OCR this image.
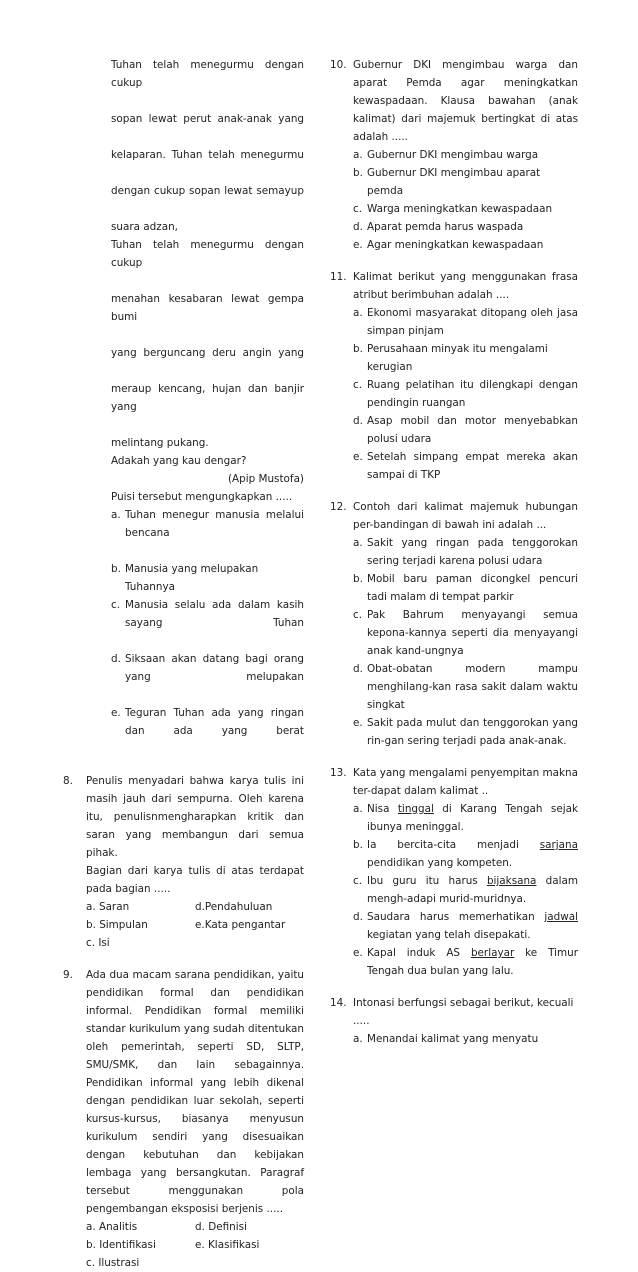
Tuhan telah menegurmu dengan cukup

sopan lewat perut anak-anak yang

kelaparan. Tuhan telah menegurmu

dengan cukup sopan lewat semayup

suara adzan,

Tuhan telah menegurmu dengan cukup

menahan kesabaran lewat gempa bumi

yang berguncang deru angin yang

meraup kencang, hujan dan banjir yang

melintang pukang.

Adakah yang kau dengar?

(Apip Mustofa)

Puisi tersebut mengungkapkan .....
a. Tuhan menegur manusia melalui bencana
b. Manusia yang melupakan Tuhannya
c. Manusia selalu ada dalam kasih sayang Tuhan
d. Siksaan akan datang bagi orang yang melupakan
e. Teguran Tuhan ada yang ringan dan ada yang berat
8.	Penulis menyadari bahwa karya tulis ini masih jauh dari sempurna. Oleh karena itu, penulisnmengharapkan kritik dan saran yang membangun dari semua pihak.
Bagian dari karya tulis di atas terdapat pada bagian .....
a. Saran	d.Pendahuluan
b. Simpulan	e.Kata pengantar
c. Isi
9.	Ada dua macam sarana pendidikan, yaitu pendidikan formal dan pendidikan informal. Pendidikan formal memiliki standar kurikulum yang sudah ditentukan oleh pemerintah, seperti SD, SLTP, SMU/SMK, dan lain sebagainnya. Pendidikan informal yang lebih dikenal dengan pendidikan luar sekolah, seperti kursus-kursus, biasanya menyusun kurikulum sendiri yang disesuaikan dengan kebutuhan dan kebijakan lembaga yang bersangkutan. Paragraf tersebut menggunakan pola pengembangan eksposisi berjenis .....
a. Analitis	d. Definisi
b. Identifikasi	e. Klasifikasi
c. Ilustrasi
10. Gubernur DKI mengimbau warga dan aparat Pemda agar meningkatkan kewaspadaan. Klausa bawahan (anak kalimat) dari majemuk bertingkat di atas adalah .....
a. Gubernur DKI mengimbau warga
b. Gubernur DKI mengimbau aparat pemda
c. Warga meningkatkan kewaspadaan
d. Aparat pemda harus waspada
e. Agar meningkatkan kewaspadaan
11. Kalimat berikut yang menggunakan frasa atribut berimbuhan adalah ....
a. Ekonomi masyarakat ditopang oleh jasa simpan pinjam
b. Perusahaan minyak itu mengalami kerugian
c. Ruang pelatihan itu dilengkapi dengan pendingin ruangan
d. Asap mobil dan motor menyebabkan polusi udara
e. Setelah simpang empat mereka akan sampai di TKP
12. Contoh dari kalimat majemuk hubungan per-bandingan di bawah ini adalah ...
a. Sakit yang ringan pada tenggorokan sering terjadi karena polusi udara
b. Mobil baru paman dicongkel pencuri tadi malam di tempat parkir
c. Pak Bahrum menyayangi semua kepona-kannya seperti dia menyayangi anak kand-ungnya
d. Obat-obatan modern mampu menghilang-kan rasa sakit dalam waktu singkat
e. Sakit pada mulut dan tenggorokan yang rin-gan sering terjadi pada anak-anak.
13. Kata yang mengalami penyempitan makna ter-dapat dalam kalimat ..
a. Nisa tinggal di Karang Tengah sejak ibunya meninggal.
b. Ia bercita-cita menjadi sarjana pendidikan yang kompeten.
c. Ibu guru itu harus bijaksana dalam mengh-adapi murid-muridnya.
d. Saudara harus memerhatikan jadwal kegiatan yang telah disepakati.
e. Kapal induk AS berlayar ke Timur Tengah dua bulan yang lalu.
14. Intonasi berfungsi sebagai berikut, kecuali .....
a. Menandai kalimat yang menyatu
